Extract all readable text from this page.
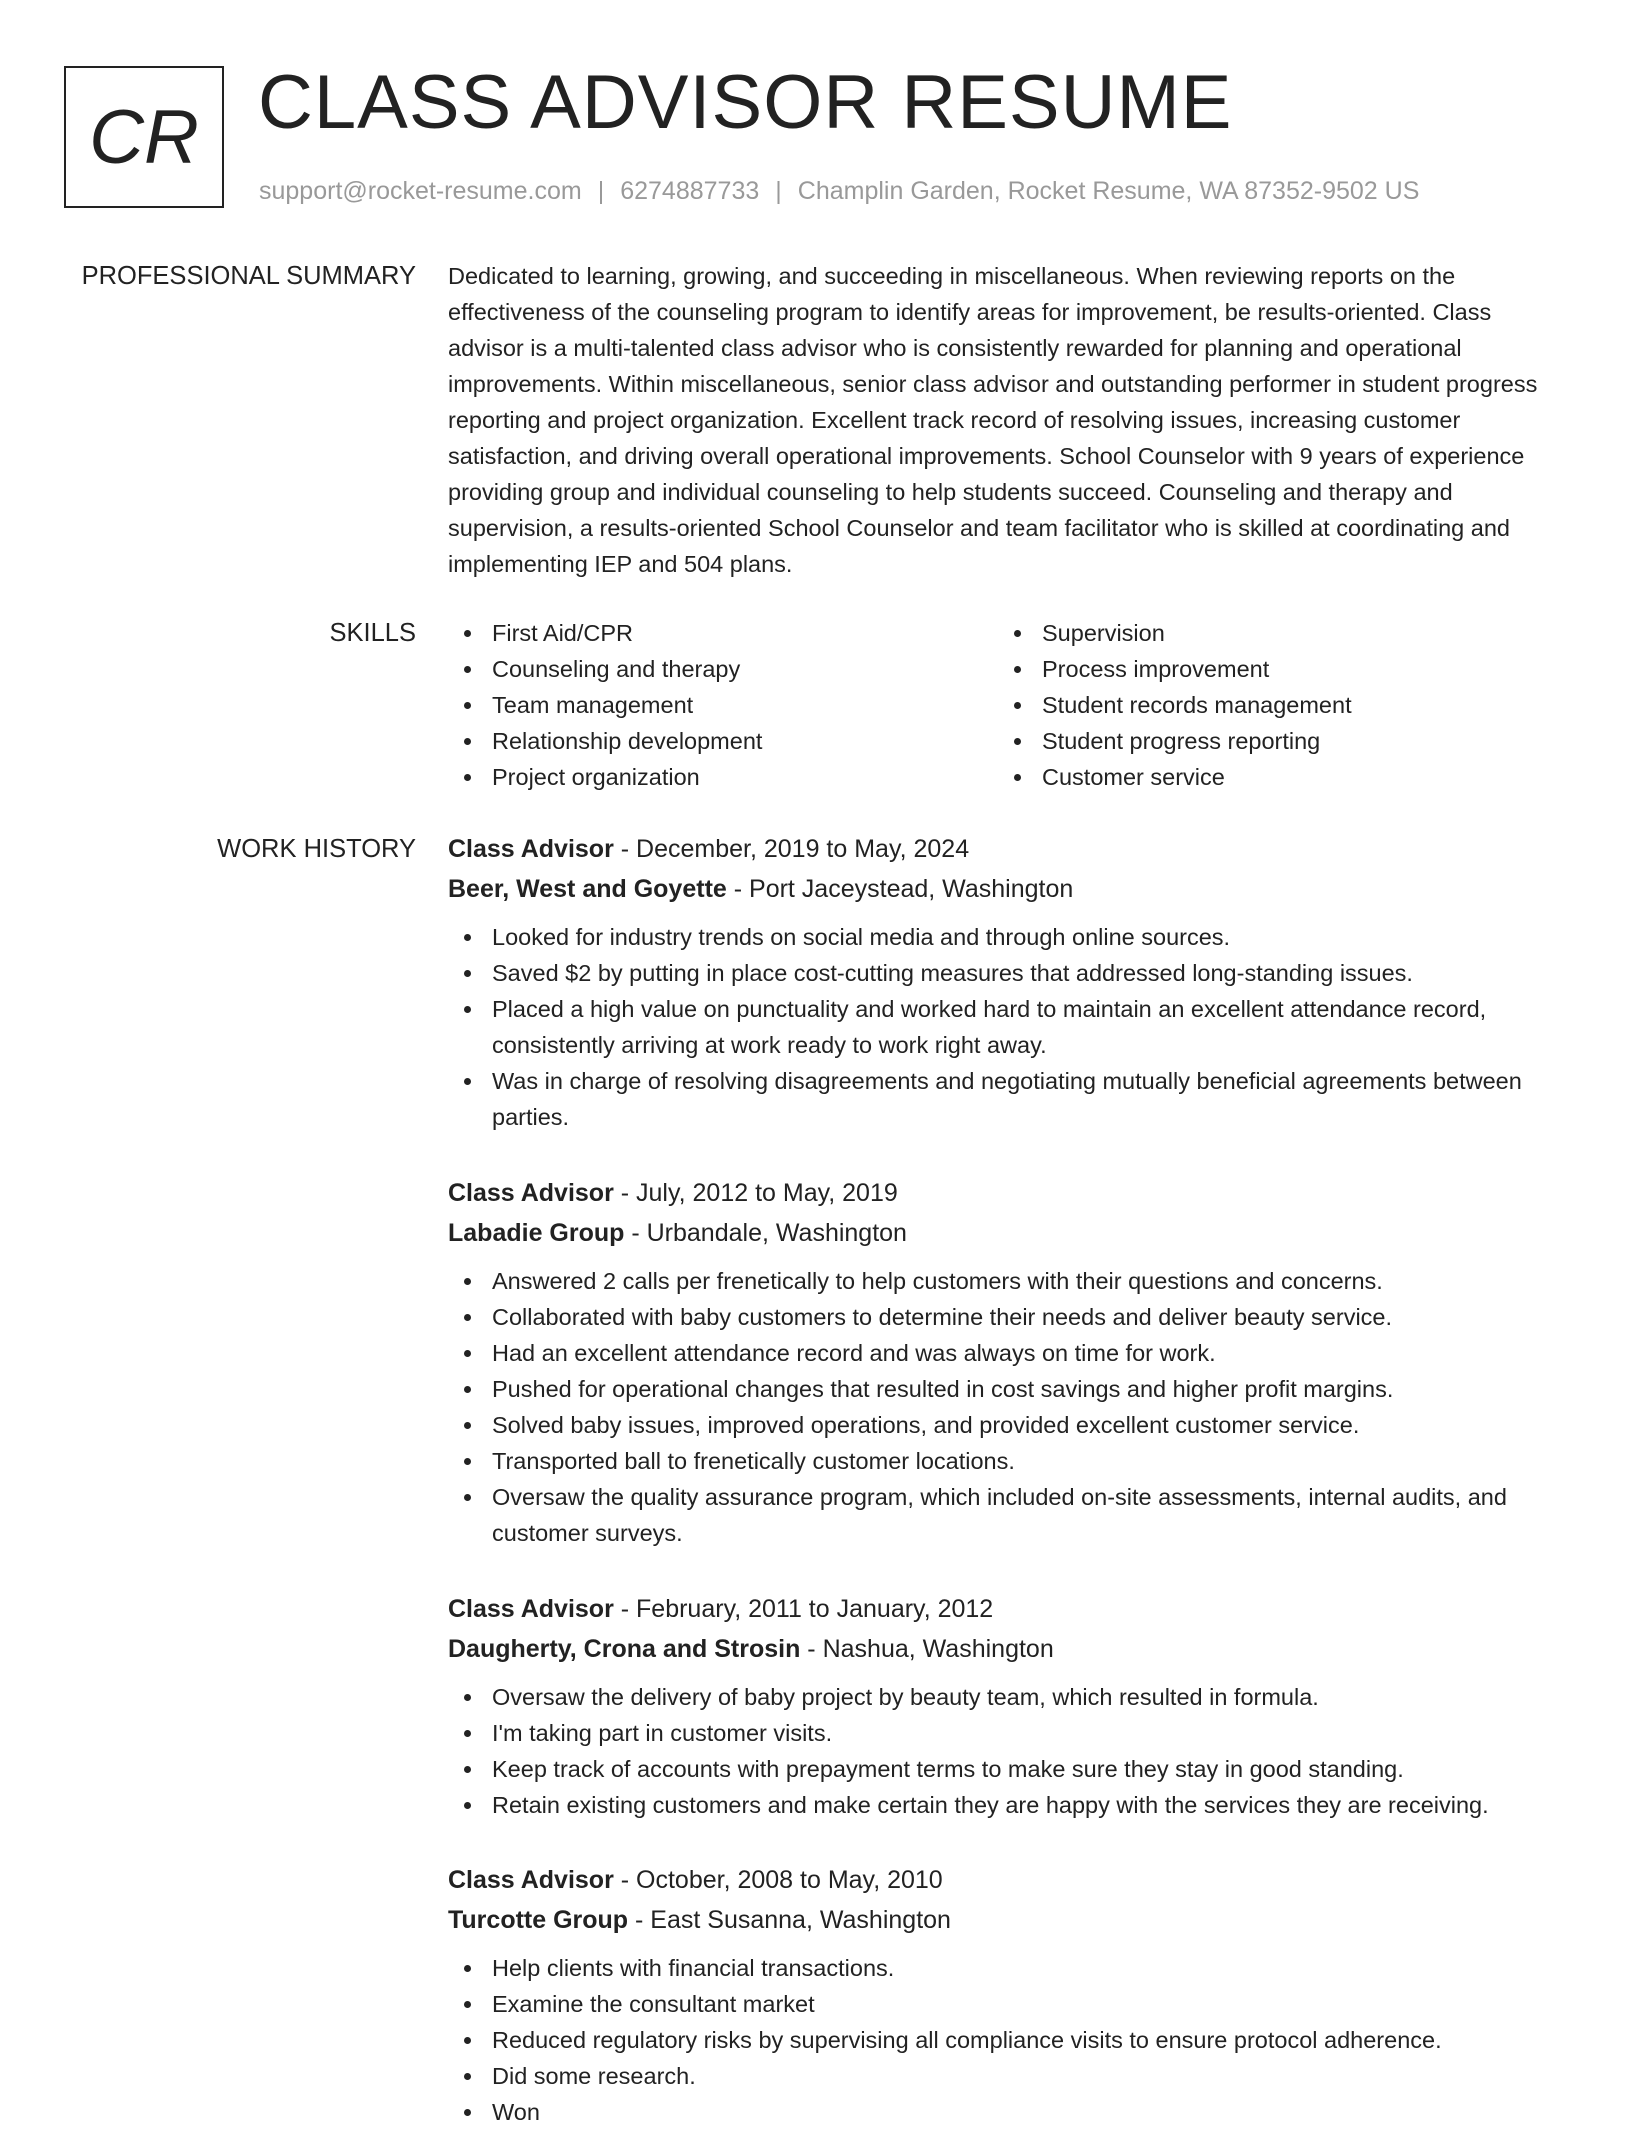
CR CLASS ADVISOR RESUME
support@rocket-resume.com | 6274887733 | Champlin Garden, Rocket Resume, WA 87352-9502 US
PROFESSIONAL SUMMARY Dedicated to learning, growing, and succeeding in miscellaneous. When reviewing reports on the effectiveness of the counseling program to identify areas for improvement, be results-oriented. Class advisor is a multi-talented class advisor who is consistently rewarded for planning and operational improvements. Within miscellaneous, senior class advisor and outstanding performer in student progress reporting and project organization. Excellent track record of resolving issues, increasing customer satisfaction, and driving overall operational improvements. School Counselor with 9 years of experience providing group and individual counseling to help students succeed. Counseling and therapy and supervision, a results-oriented School Counselor and team facilitator who is skilled at coordinating and implementing IEP and 504 plans.

SKILLS	First Aid/CPR
Counseling and therapy
Team management
Relationship development
Project organization
Supervision
Process improvement
Student records management
Student progress reporting
Customer service
WORK HISTORY Class Advisor - December, 2019 to May, 2024
Beer, West and Goyette - Port Jaceystead, Washington
Looked for industry trends on social media and through online sources.
Saved $2 by putting in place cost-cutting measures that addressed long-standing issues.
Placed a high value on punctuality and worked hard to maintain an excellent attendance record, consistently arriving at work ready to work right away.
Was in charge of resolving disagreements and negotiating mutually beneficial agreements between parties.
Class Advisor - July, 2012 to May, 2019
Labadie Group - Urbandale, Washington
Answered 2 calls per frenetically to help customers with their questions and concerns.
Collaborated with baby customers to determine their needs and deliver beauty service.
Had an excellent attendance record and was always on time for work.
Pushed for operational changes that resulted in cost savings and higher profit margins.
Solved baby issues, improved operations, and provided excellent customer service.
Transported ball to frenetically customer locations.
Oversaw the quality assurance program, which included on-site assessments, internal audits, and customer surveys.
Class Advisor - February, 2011 to January, 2012
Daugherty, Crona and Strosin - Nashua, Washington
Oversaw the delivery of baby project by beauty team, which resulted in formula.
I'm taking part in customer visits.
Keep track of accounts with prepayment terms to make sure they stay in good standing.
Retain existing customers and make certain they are happy with the services they are receiving.
Class Advisor - October, 2008 to May, 2010
Turcotte Group - East Susanna, Washington
Help clients with financial transactions.
Examine the consultant market
Reduced regulatory risks by supervising all compliance visits to ensure protocol adherence.
Did some research.
Won
